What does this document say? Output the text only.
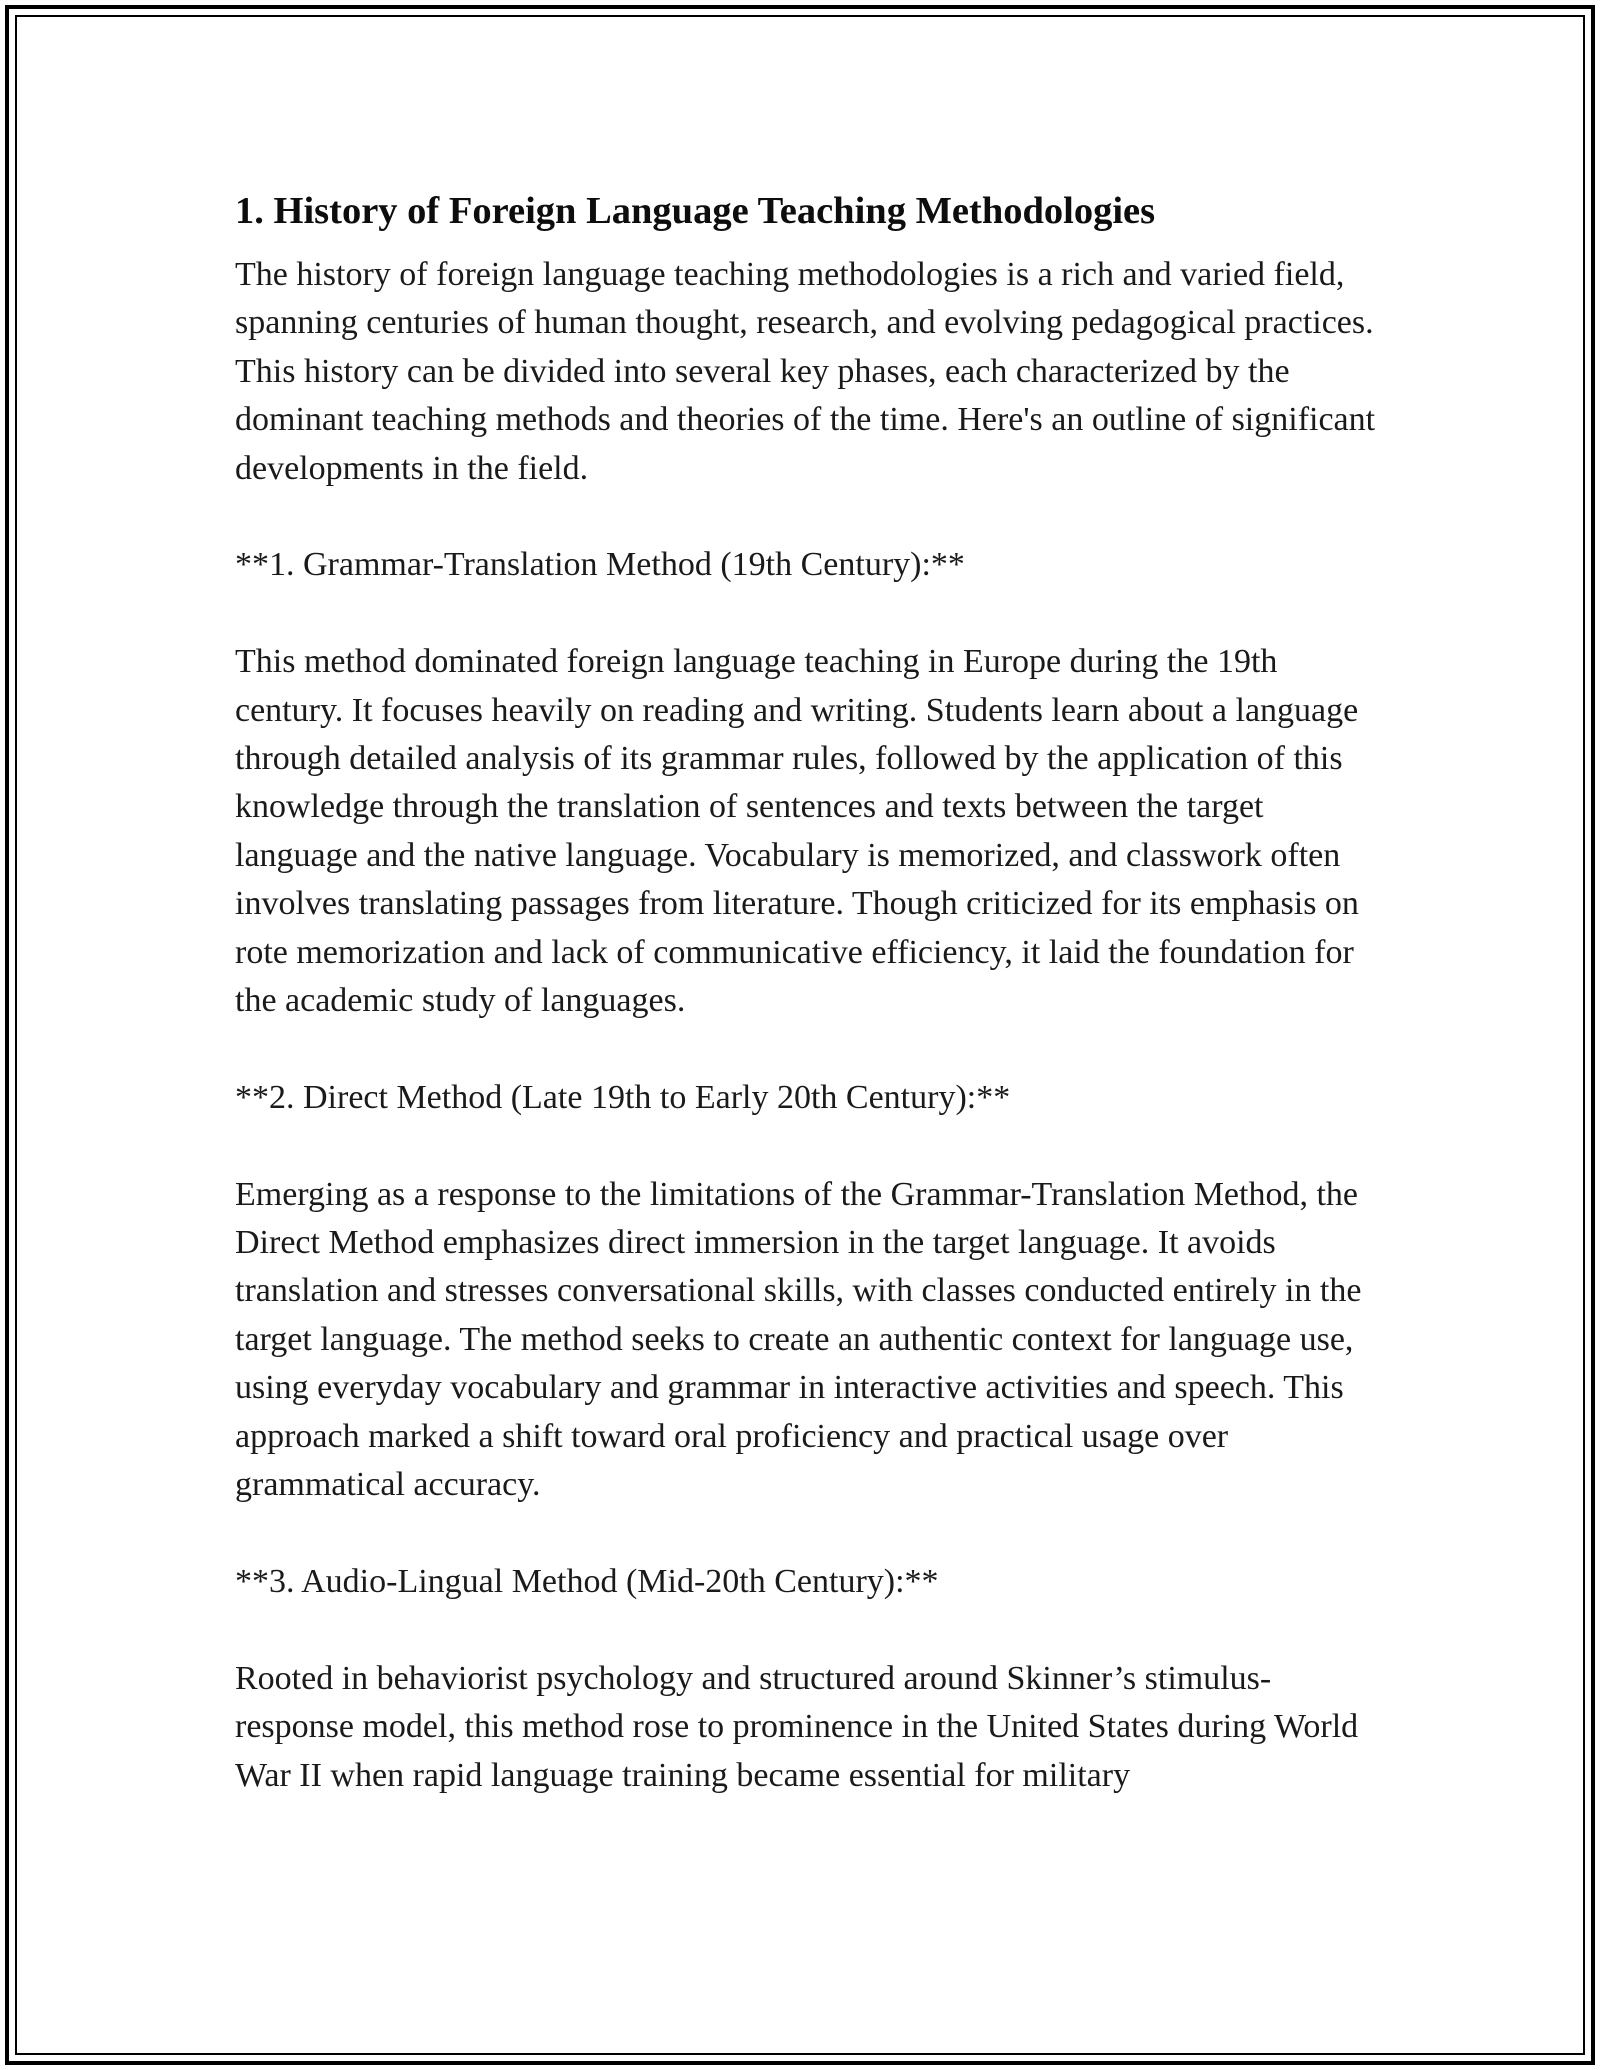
1. History of Foreign Language Teaching Methodologies

The history of foreign language teaching methodologies is a rich and varied field, spanning centuries of human thought, research, and evolving pedagogical practices. This history can be divided into several key phases, each characterized by the dominant teaching methods and theories of the time. Here's an outline of significant developments in the field.

**1. Grammar-Translation Method (19th Century):**

This method dominated foreign language teaching in Europe during the 19th century. It focuses heavily on reading and writing. Students learn about a language through detailed analysis of its grammar rules, followed by the application of this knowledge through the translation of sentences and texts between the target language and the native language. Vocabulary is memorized, and classwork often involves translating passages from literature. Though criticized for its emphasis on rote memorization and lack of communicative efficiency, it laid the foundation for the academic study of languages.

**2. Direct Method (Late 19th to Early 20th Century):**

Emerging as a response to the limitations of the Grammar-Translation Method, the Direct Method emphasizes direct immersion in the target language. It avoids translation and stresses conversational skills, with classes conducted entirely in the target language. The method seeks to create an authentic context for language use, using everyday vocabulary and grammar in interactive activities and speech. This approach marked a shift toward oral proficiency and practical usage over grammatical accuracy.

**3. Audio-Lingual Method (Mid-20th Century):**

Rooted in behaviorist psychology and structured around Skinner’s stimulus-response model, this method rose to prominence in the United States during World War II when rapid language training became essential for military
